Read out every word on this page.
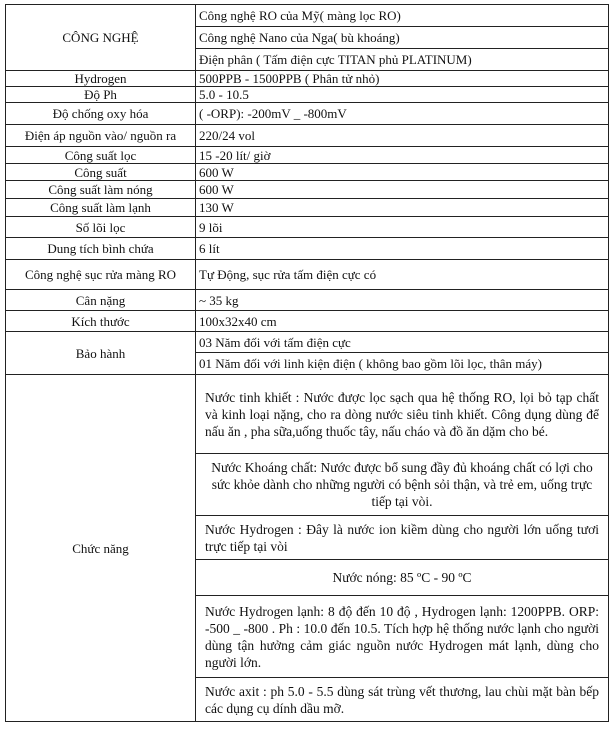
CÔNG NGHỆ	Công nghệ RO của Mỹ( màng lọc RO)
	Công nghệ Nano của Nga( bù khoáng)
	Điện phân ( Tấm điện cực TITAN phủ PLATINUM)
Hydrogen	500PPB - 1500PPB ( Phân tử nhỏ)
Độ Ph	5.0 - 10.5
Độ chống oxy hóa	( -ORP): -200mV _ -800mV
Điện áp nguồn vào/ nguồn ra	220/24 vol
Công suất lọc	15 -20 lít/ giờ
Công suất	600 W
Công suất làm nóng	600 W
Công suất làm lạnh	130 W
Số lõi lọc	9 lõi
Dung tích bình chứa	6 lít
Công nghệ sục rửa màng RO	Tự Động, sục rửa tấm điện cực có
Cân nặng	~ 35 kg
Kích thước	100x32x40 cm
Bảo hành	03 Năm đối với tấm điện cực
	01 Năm đối với linh kiện điện ( không bao gồm lõi lọc, thân máy)
Chức năng	Nước tinh khiết : Nước được lọc sạch qua hệ thống RO, lọi bỏ tạp chất và kinh loại nặng, cho ra dòng nước siêu tinh khiết. Công dụng dùng để nấu ăn , pha sữa,uống thuốc tây, nấu cháo và đồ ăn dặm cho bé.

	Nước Khoáng chất: Nước được bổ sung đầy đủ khoáng chất có lợi cho sức khỏe dành cho những người có bệnh sỏi thận, và trẻ em, uống trực tiếp tại vòi.

	Nước Hydrogen : Đây là nước ion kiềm dùng cho người lớn uống tươi trực tiếp tại vòi

	Nước nóng: 85 ºC - 90 ºC

	Nước Hydrogen lạnh: 8 độ đến 10 độ , Hydrogen lạnh: 1200PPB. ORP: -500 _ -800 . Ph : 10.0 đến 10.5. Tích hợp hệ thống nước lạnh cho người dùng tận hưởng cảm giác nguồn nước Hydrogen mát lạnh, dùng cho người lớn.

	Nước axit : ph 5.0 - 5.5 dùng sát trùng vết thương, lau chùi mặt bàn bếp các dụng cụ dính dầu mỡ.
